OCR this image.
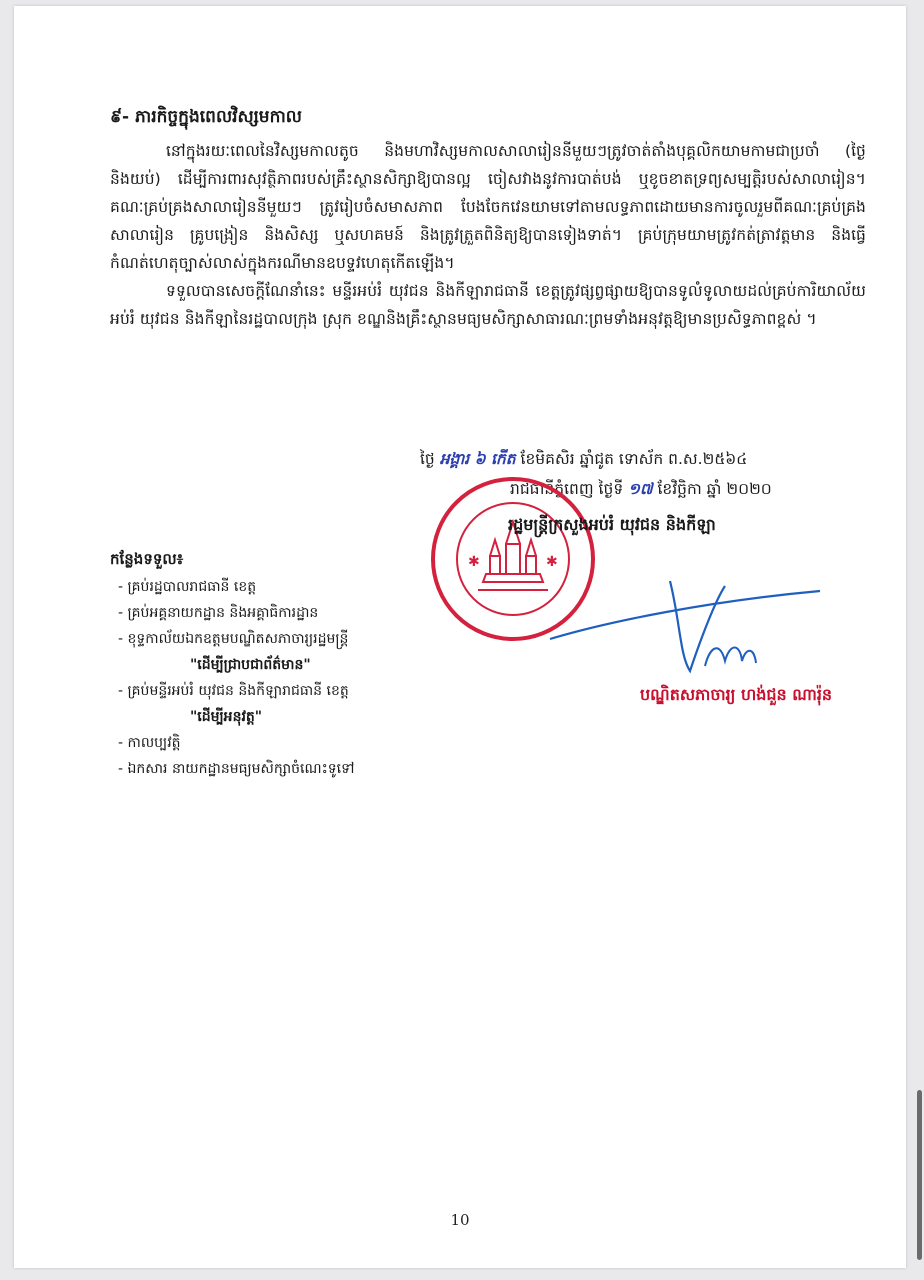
៩- ភារកិច្ចក្នុងពេលវិស្សមកាល

នៅក្នុងរយៈពេលនៃវិស្សមកាលតូច និងមហាវិស្សមកាលសាលារៀននីមួយៗត្រូវចាត់តាំងបុគ្គលិកយាមកាមជាប្រចាំ (ថ្ងៃ និងយប់) ដើម្បីការពារសុវត្ថិភាពរបស់គ្រឹះស្ថានសិក្សាឱ្យបានល្អ ចៀសវាងនូវការបាត់បង់ ឬខូចខាតទ្រព្យសម្បត្តិរបស់សាលារៀន។ គណៈគ្រប់គ្រងសាលារៀននីមួយៗ ត្រូវរៀបចំសមាសភាព បែងចែកវេនយាមទៅតាមលទ្ធភាពដោយមានការចូលរួមពីគណៈគ្រប់គ្រងសាលារៀន គ្រូបង្រៀន និងសិស្ស ឬសហគមន៍ និងត្រូវត្រួតពិនិត្យឱ្យបានទៀងទាត់។ គ្រប់ក្រុមយាមត្រូវកត់ត្រាវត្តមាន និងធ្វើកំណត់ហេតុច្បាស់លាស់ក្នុងករណីមានឧបទ្ទវហេតុកើតឡើង។

ទទួលបានសេចក្តីណែនាំនេះ មន្ទីរអប់រំ យុវជន និងកីឡារាជធានី ខេត្តត្រូវផ្សព្វផ្សាយឱ្យបានទូលំទូលាយដល់គ្រប់ការិយាល័យអប់រំ យុវជន និងកីឡានៃរដ្ឋបាលក្រុង ស្រុក ខណ្ឌនិងគ្រឹះស្ថានមធ្យមសិក្សាសាធារណៈព្រមទាំងអនុវត្តឱ្យមានប្រសិទ្ធភាពខ្ពស់ ។

ថ្ងៃ អង្គារ ៦ កើត ខែមិគសិរ ឆ្នាំជូត ទោស័ក ព.ស.២៥៦៤
រាជធានីភ្នំពេញ ថ្ងៃទី ១៧ ខែវិច្ឆិកា ឆ្នាំ ២០២០
✱	✱
រដ្ឋមន្ត្រីក្រសួងអប់រំ យុវជន និងកីឡា
បណ្ឌិតសភាចារ្យ ហង់ជួន ណារ៉ុន
កន្លែងទទួល៖
- គ្រប់រដ្ឋបាលរាជធានី ខេត្ត
- គ្រប់អគ្គនាយកដ្ឋាន និងអគ្គាធិការដ្ឋាន
- ខុទ្ទកាល័យឯកឧត្តមបណ្ឌិតសភាចារ្យរដ្ឋមន្ត្រី
"ដើម្បីជ្រាបជាព័ត៌មាន"
- គ្រប់មន្ទីរអប់រំ យុវជន និងកីឡារាជធានី ខេត្ត
"ដើម្បីអនុវត្ត"
- កាលប្បវត្តិ
- ឯកសារ នាយកដ្ឋានមធ្យមសិក្សាចំណេះទូទៅ
10
